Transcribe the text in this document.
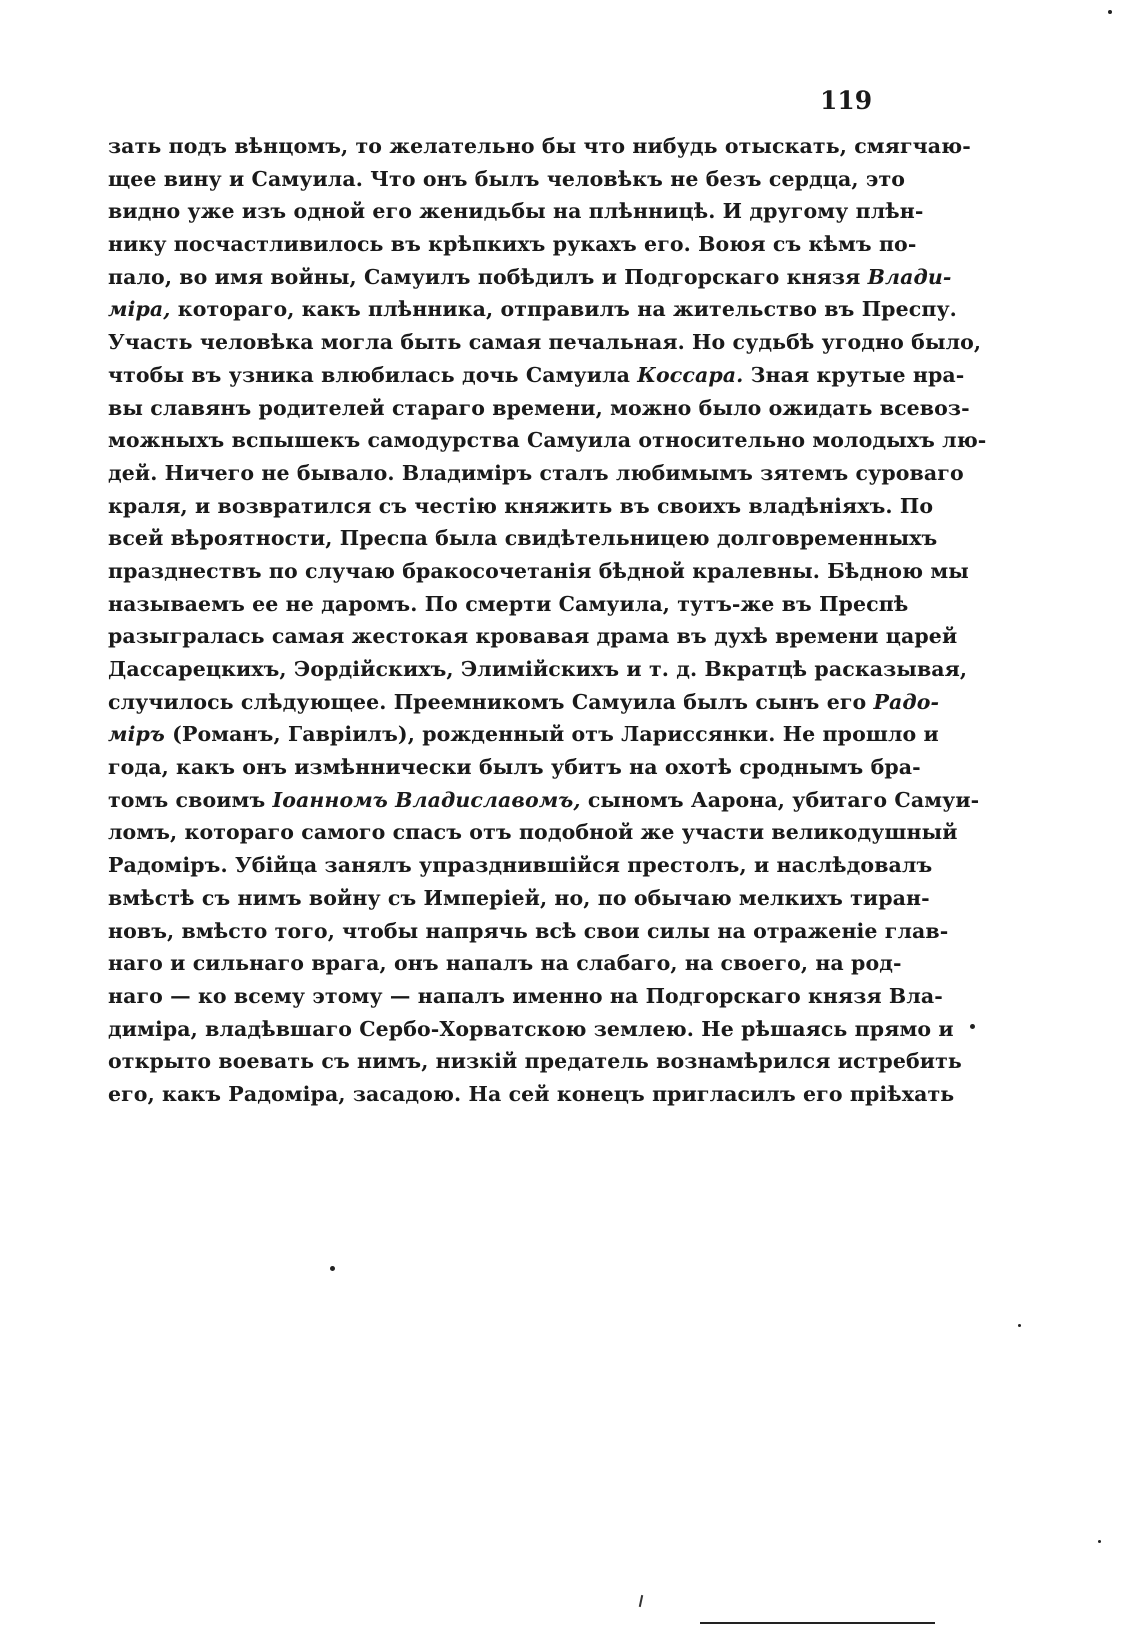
119
зать подъ вѣнцомъ, то желательно бы что нибудь отыскать, смягчаю-
щее вину и Самуила. Что онъ былъ человѣкъ не безъ сердца, это
видно уже изъ одной его женидьбы на плѣнницѣ. И другому плѣн-
нику посчастливилось въ крѣпкихъ рукахъ его. Воюя съ кѣмъ по-
пало, во имя войны, Самуилъ побѣдилъ и Подгорскаго князя Влади-
міра, котораго, какъ плѣнника, отправилъ на жительство въ Преспу.
Участь человѣка могла быть самая печальная. Но судьбѣ угодно было,
чтобы въ узника влюбилась дочь Самуила Коссара. Зная крутые нра-
вы славянъ родителей стараго времени, можно было ожидать всевоз-
можныхъ вспышекъ самодурства Самуила относительно молодыхъ лю-
дей. Ничего не бывало. Владиміръ сталъ любимымъ зятемъ суроваго
краля, и возвратился съ честію княжить въ своихъ владѣніяхъ. По
всей вѣроятности, Преспа была свидѣтельницею долговременныхъ
празднествъ по случаю бракосочетанія бѣдной кралевны. Бѣдною мы
называемъ ее не даромъ. По смерти Самуила, тутъ-же въ Преспѣ
разыгралась самая жестокая кровавая драма въ духѣ времени царей
Дассарецкихъ, Эордійскихъ, Элимійскихъ и т. д. Вкратцѣ расказывая,
случилось слѣдующее. Преемникомъ Самуила былъ сынъ его Радо-
міръ (Романъ, Гавріилъ), рожденный отъ Ларисcянки. Не прошло и
года, какъ онъ измѣннически былъ убитъ на охотѣ сроднымъ бра-
томъ своимъ Іоанномъ Владиславомъ, сыномъ Аарона, убитаго Самуи-
ломъ, котораго самого спасъ отъ подобной же участи великодушный
Радоміръ. Убійца занялъ упразднившійся престолъ, и наслѣдовалъ
вмѣстѣ съ нимъ войну съ Имперіей, но, по обычаю мелкихъ тиран-
новъ, вмѣсто того, чтобы напрячь всѣ свои силы на отраженіе глав-
наго и сильнаго врага, онъ напалъ на слабаго, на своего, на род-
наго — ко всему этому — напалъ именно на Подгорскаго князя Вла-
диміра, владѣвшаго Сербо-Хорватскою землею. Не рѣшаясь прямо и
открыто воевать съ нимъ, низкій предатель вознамѣрился истребить
его, какъ Радоміра, засадою. На сей конецъ пригласилъ его пріѣхать
